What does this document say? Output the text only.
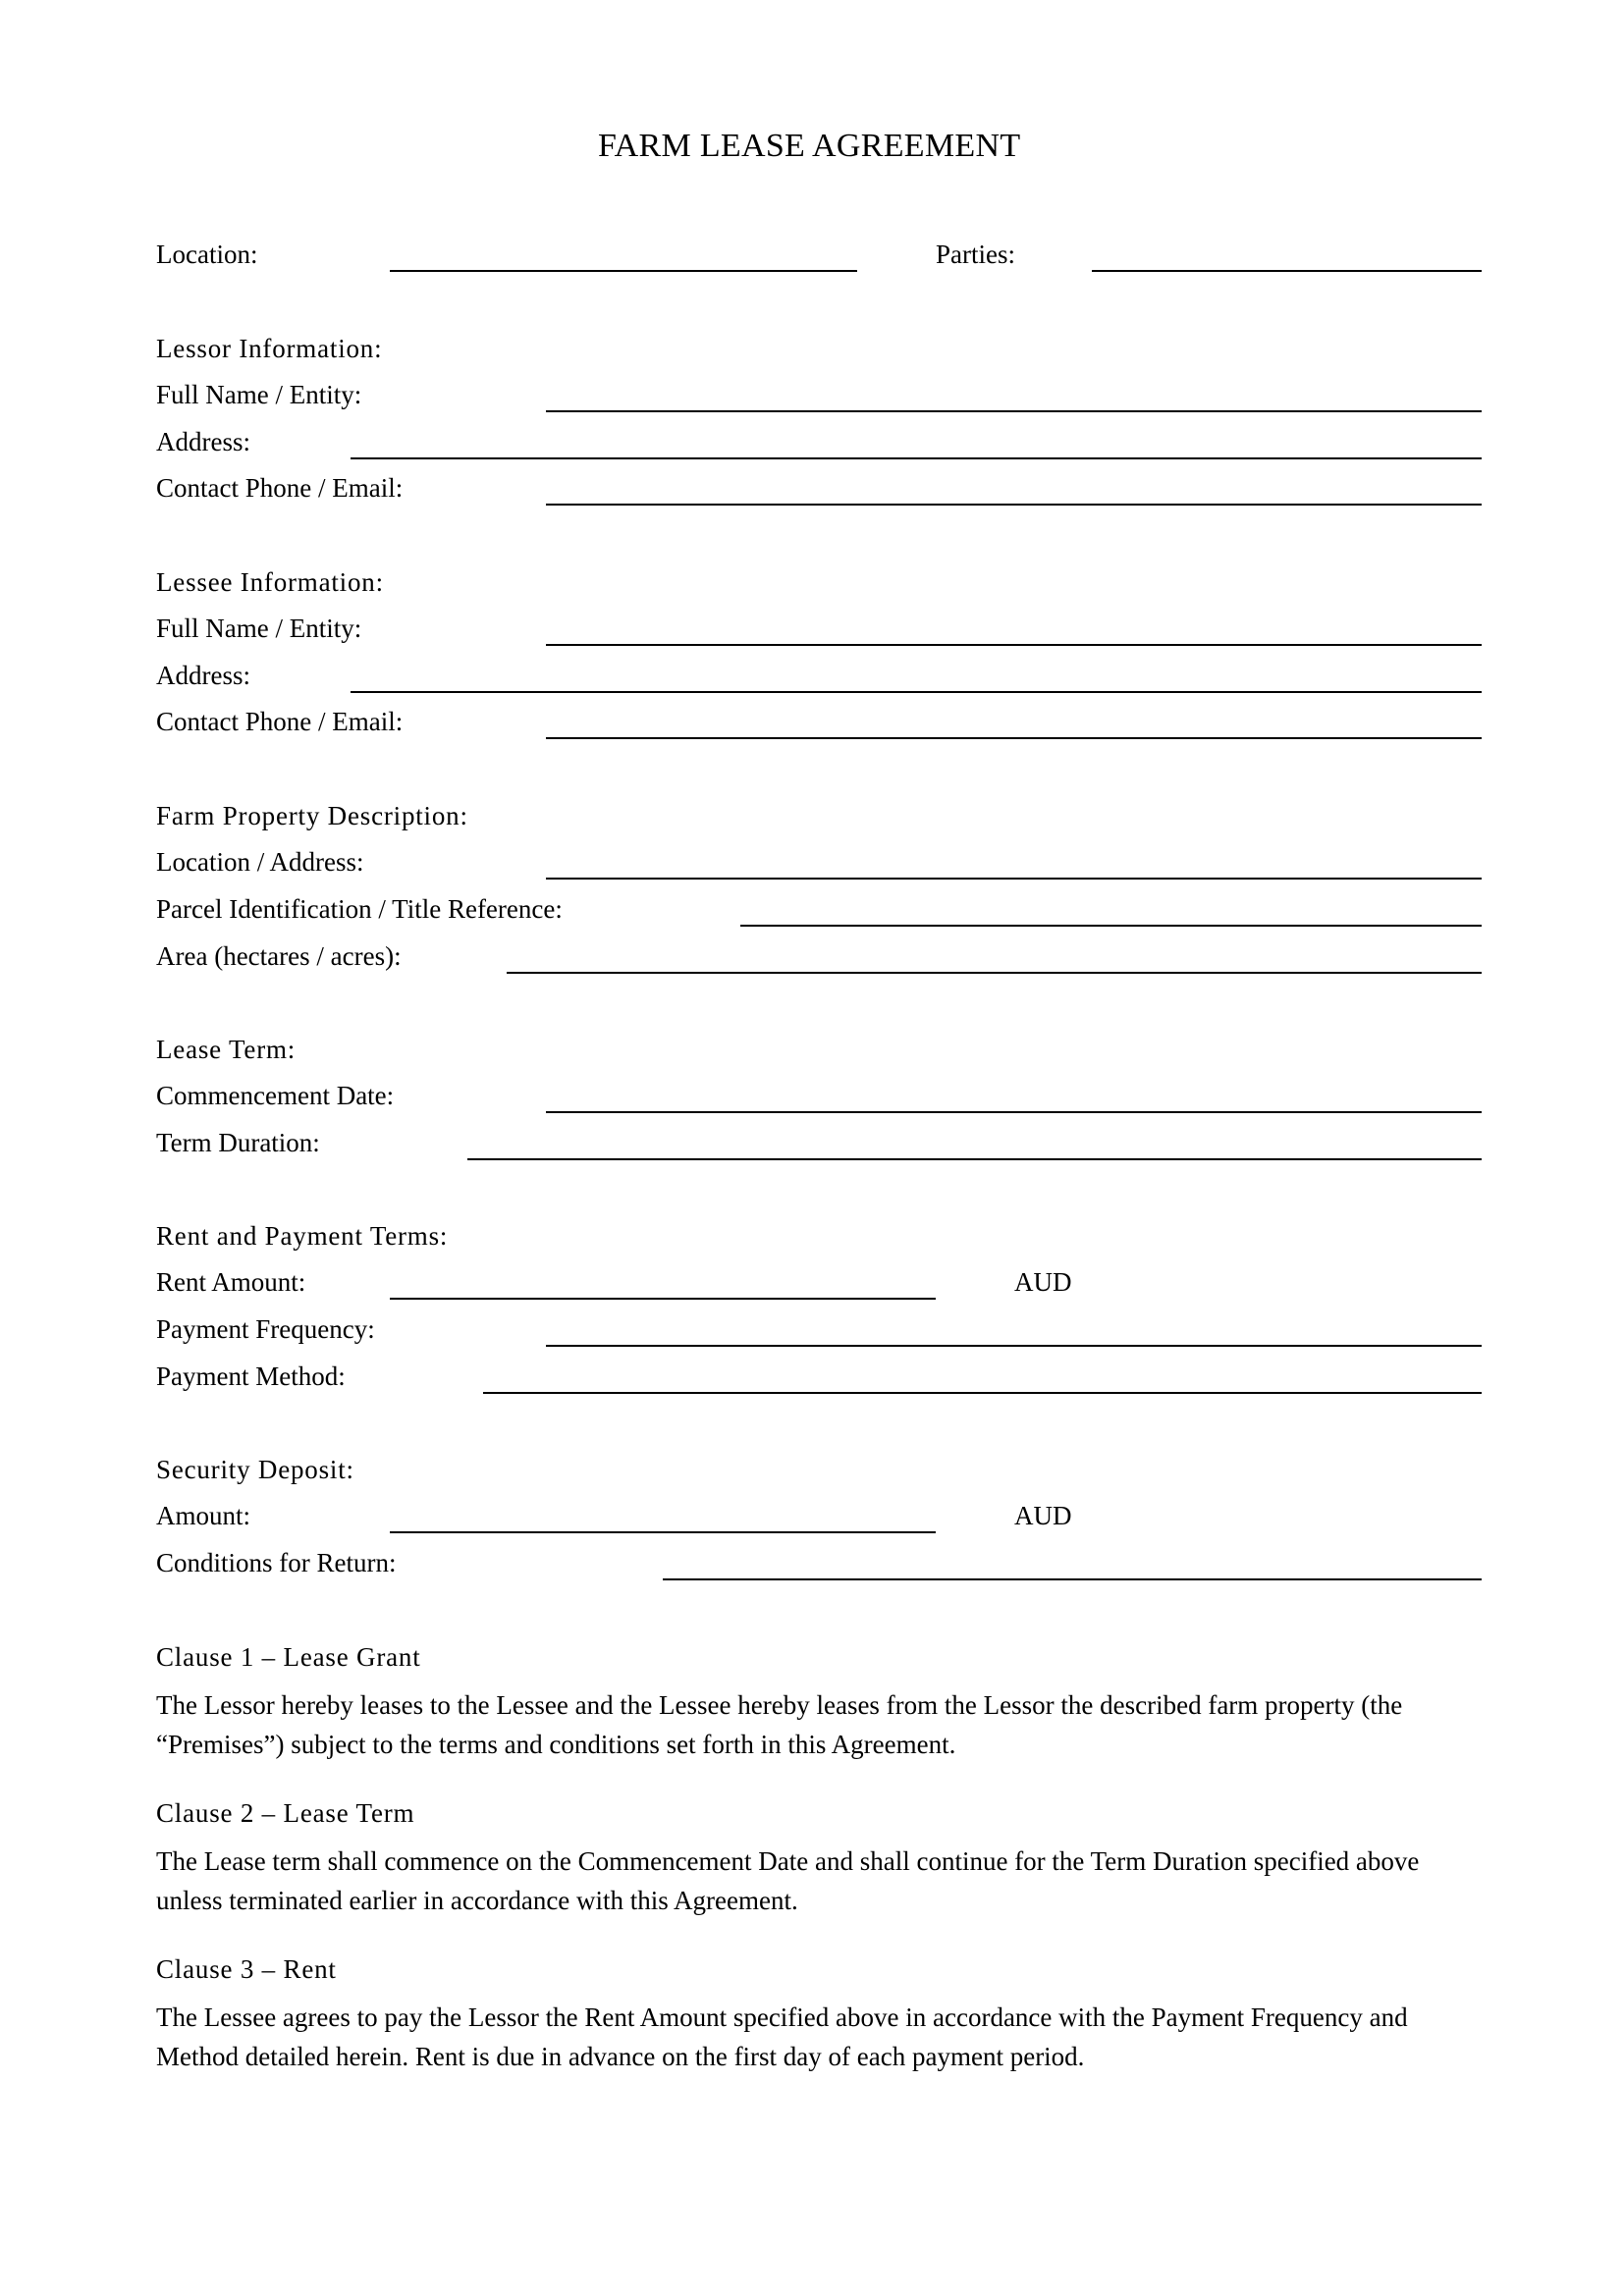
FARM LEASE AGREEMENT
Location:	Parties:
Lessor Information:
Full Name / Entity:
Address:
Contact Phone / Email:
Lessee Information:
Full Name / Entity:
Address:
Contact Phone / Email:
Farm Property Description:
Location / Address:
Parcel Identification / Title Reference:
Area (hectares / acres):
Lease Term:
Commencement Date:
Term Duration:
Rent and Payment Terms:
Rent Amount:	AUD
Payment Frequency:
Payment Method:
Security Deposit:
Amount:	AUD
Conditions for Return:
Clause 1 – Lease Grant
The Lessor hereby leases to the Lessee and the Lessee hereby leases from the Lessor the described farm property (the “Premises”) subject to the terms and conditions set forth in this Agreement.
Clause 2 – Lease Term
The Lease term shall commence on the Commencement Date and shall continue for the Term Duration specified above unless terminated earlier in accordance with this Agreement.
Clause 3 – Rent
The Lessee agrees to pay the Lessor the Rent Amount specified above in accordance with the Payment Frequency and Method detailed herein. Rent is due in advance on the first day of each payment period.
